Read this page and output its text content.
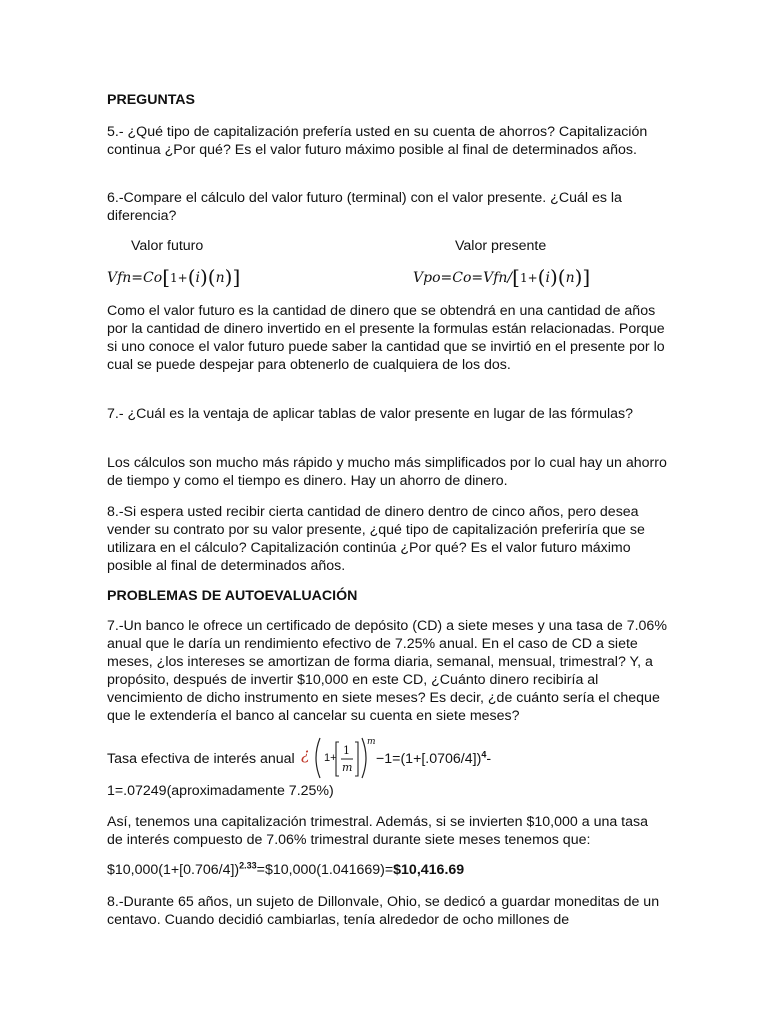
PREGUNTAS

5.- ¿Qué tipo de capitalización prefería usted en su cuenta de ahorros? Capitalización continua ¿Por qué? Es el valor futuro máximo posible al final de determinados años.

6.-Compare el cálculo del valor futuro (terminal) con el valor presente. ¿Cuál es la diferencia?

Valor futuro	Valor presente
Vfn=Co[1+(i)(n)]	Vpo=Co=Vfn/[1+(i)(n)]

Como el valor futuro es la cantidad de dinero que se obtendrá en una cantidad de años por la cantidad de dinero invertido en el presente la formulas están relacionadas. Porque si uno conoce el valor futuro puede saber la cantidad que se invirtió en el presente por lo cual se puede despejar para obtenerlo de cualquiera de los dos.

7.- ¿Cuál es la ventaja de aplicar tablas de valor presente en lugar de las fórmulas?

Los cálculos son mucho más rápido y mucho más simplificados por lo cual hay un ahorro de tiempo y como el tiempo es dinero. Hay un ahorro de dinero.

8.-Si espera usted recibir cierta cantidad de dinero dentro de cinco años, pero desea vender su contrato por su valor presente, ¿qué tipo de capitalización preferiría que se utilizara en el cálculo? Capitalización continúa ¿Por qué? Es el valor futuro máximo posible al final de determinados años.

PROBLEMAS DE AUTOEVALUACIÓN

7.-Un banco le ofrece un certificado de depósito (CD) a siete meses y una tasa de 7.06% anual que le daría un rendimiento efectivo de 7.25% anual. En el caso de CD a siete meses, ¿los intereses se amortizan de forma diaria, semanal, mensual, trimestral? Y, a propósito, después de invertir $10,000 en este CD, ¿Cuánto dinero recibiría al vencimiento de dicho instrumento en siete meses? Es decir, ¿de cuánto sería el cheque que le extendería el banco al cancelar su cuenta en siete meses?

Tasa efectiva de interés anual ¿ 1+
1
m
m
$-1=(1+[.0706/4])^4-$

1=.07249(aproximadamente 7.25%)

Así, tenemos una capitalización trimestral. Además, si se invierten $10,000 a una tasa de interés compuesto de 7.06% trimestral durante siete meses tenemos que:

$\$10,000(1+[0.706/4])^{2.33}=\$10,000(1.041669)=\$10,416.69$

8.-Durante 65 años, un sujeto de Dillonvale, Ohio, se dedicó a guardar moneditas de un centavo. Cuando decidió cambiarlas, tenía alrededor de ocho millones de
